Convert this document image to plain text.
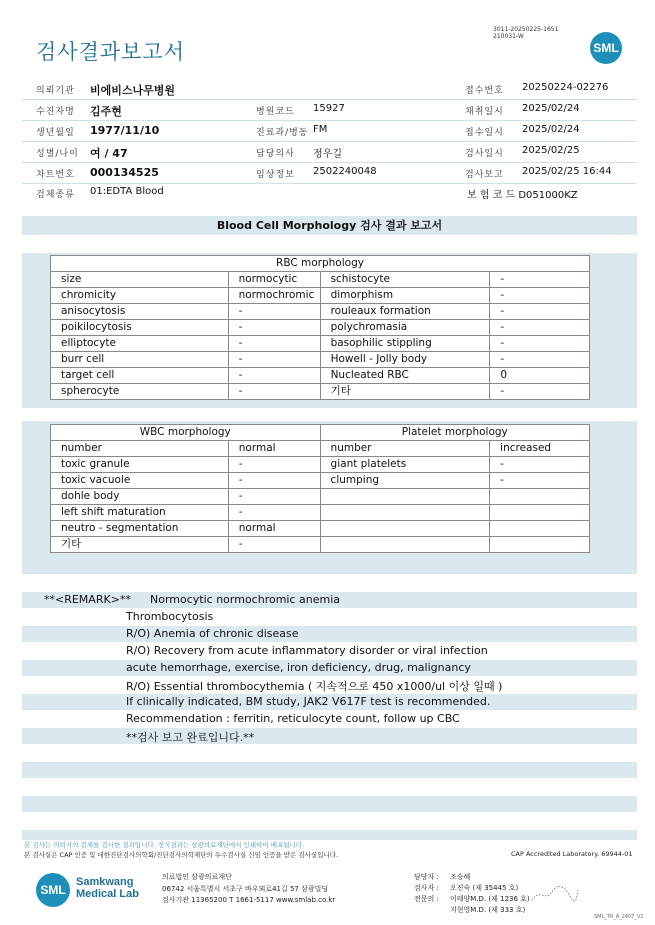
검사결과보고서
3011-20250225-1651
210031-W
SML
의뢰기관 비에비스나무병원	접수번호 20250224-02276
수진자명 김주현	병원코드 15927	채취일시 2025/02/24
생년월일 1977/11/10	진료과/병동 FM	접수일시 2025/02/24
성별/나이 여 / 47	담당의사 정우길	검사일시 2025/02/25
차트번호 000134525	임상정보 2502240048	검사보고 2025/02/25 16:44
검체종류 01:EDTA Blood	보 험 코 드 D051000KZ
Blood Cell Morphology 검사 결과 보고서
RBC morphology			
size	normocytic	schistocyte	-
chromicity	normochromic	dimorphism	-
anisocytosis	-	rouleaux formation	-
poikilocytosis	-	polychromasia	-
elliptocyte	-	basophilic stippling	-
burr cell	-	Howell - Jolly body	-
target cell	-	Nucleated RBC	0
spherocyte	-	기타	-
WBC morphology		Platelet morphology	
number	normal	number	increased
toxic granule	-	giant platelets	-
toxic vacuole	-	clumping	-
dohle body	-		
left shift maturation	-		
neutro - segmentation	normal		
기타	-		
**<REMARK>** Normocytic normochromic anemia
Thrombocytosis
R/O) Anemia of chronic disease
R/O) Recovery from acute inflammatory disorder or viral infection
acute hemorrhage, exercise, iron deficiency, drug, malignancy
R/O) Essential thrombocythemia ( 지속적으로 450 x1000/ul 이상 일때 )
If clinically indicated, BM study, JAK2 V617F test is recommended.
Recommendation : ferritin, reticulocyte count, follow up CBC
**검사 보고 완료입니다.**
본 검사는 의뢰자의 검체를 검사한 결과입니다. 정식결과는 삼광의료재단에서 인쇄하여 배포됩니다.
본 검사실은 CAP 인증 및 대한진단검사의학회/진단검사의학재단의 우수검사실 신임 인증을 받은 검사실입니다.	CAP Accredited Laboratory. 69944-01
SML
Samkwang Medical Lab
의료법인 삼광의료재단
06742 서울특별시 서초구 바우뫼로41길 57 삼광빌딩
검사기관 11365200 T 1661-5117 www.smlab.co.kr
담당자 : 조승혜
검사자 : 오진숙 (제 35445 호)
전문의 : 이태양M.D. (제 1236 호)
지현영M.D. (제 333 호)
SML_TR_A_2407_V1
